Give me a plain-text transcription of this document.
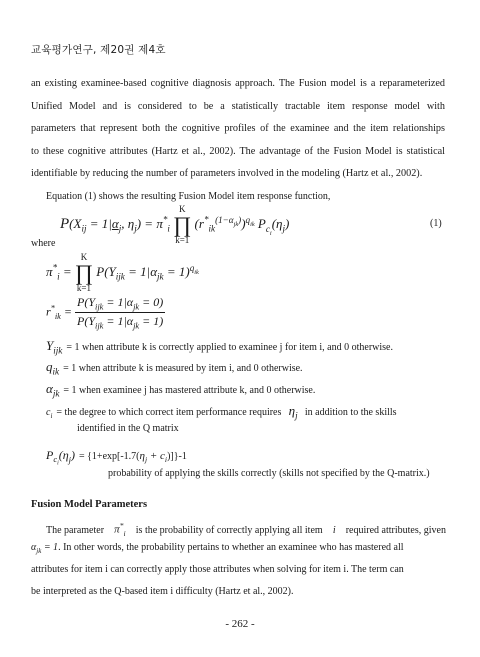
교육평가연구, 제20권 제4호
an existing examinee-based cognitive diagnosis approach. The Fusion model is a reparameterized
Unified Model and is considered to be a statistically tractable item response model with
parameters that represent both the cognitive profiles of the examinee and the item relationships
to these cognitive attributes (Hartz et al., 2002). The advantage of the Fusion Model is statistical
identifiable by reducing the number of parameters involved in the modeling (Hartz et al., 2002).
Equation (1) shows the resulting Fusion Model item response function,
$P(X_{ij} = 1|\alpha_j$, $\eta_j) = \pi^*_i$
K
∏
k=1
$(r^*_{ik}^{(1-\alpha_{jk})})^{q_{ik}}$ $P_{c_i}(\eta_j)$	(1)
where
$\pi^*_i$ =
K
∏
k=1
$P(Y_{ijk} = 1|\alpha_{jk} = 1)^{q_{ik}}$
$r^*_{ik} = \frac{P(Y_{ijk} = 1|\alpha_{jk} = 0)}{P(Y_{ijk} = 1|\alpha_{jk} = 1)}$
$Y_{ijk} = 1$ when attribute k is correctly applied to examinee j for item i, and 0 otherwise.
$q_{ik} = 1$ when attribute k is measured by item i, and 0 otherwise.
$\alpha_{jk} = 1$ when examinee j has mastered attribute k, and 0 otherwise.
$c_i$ = the degree to which correct item performance requires  $\eta_j$ in addition to the skills
identified in the Q matrix
$P_{c_i}(\eta_j) = \{1+\exp[-1.7(\eta_j + c_i)]\}-1$
probability of applying the skills correctly (skills not specified by the Q-matrix.)
Fusion Model Parameters
The parameter $\pi^*_i$ is the probability of correctly applying all item i required attributes, given
$\alpha_{jk} = 1$. In other words, the probability pertains to whether an examinee who has mastered all
attributes for item i can correctly apply those attributes when solving for item i. The term can
be interpreted as the Q-based item i difficulty (Hartz et al., 2002).
- 262 -
